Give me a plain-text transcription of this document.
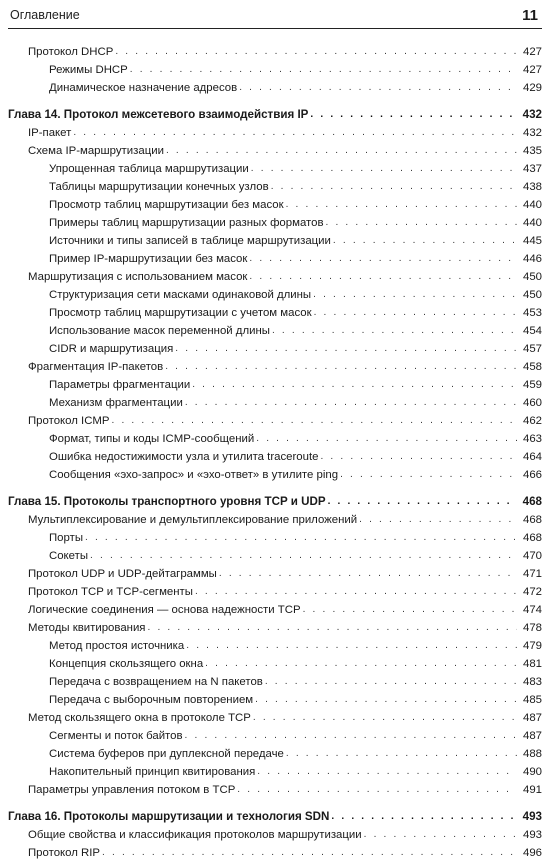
Оглавление	11
Протокол DHCP . . .	427
Режимы DHCP . . .	427
Динамическое назначение адресов . . .	429
Глава 14. Протокол межсетевого взаимодействия IP . . .	432
IP-пакет . . .	432
Схема IP-маршрутизации . . .	435
Упрощенная таблица маршрутизации . . .	437
Таблицы маршрутизации конечных узлов . . .	438
Просмотр таблиц маршрутизации без масок . . .	440
Примеры таблиц маршрутизации разных форматов . . .	440
Источники и типы записей в таблице маршрутизации . . .	445
Пример IP-маршрутизации без масок . . .	446
Маршрутизация с использованием масок . . .	450
Структуризация сети масками одинаковой длины . . .	450
Просмотр таблиц маршрутизации с учетом масок . . .	453
Использование масок переменной длины . . .	454
CIDR и маршрутизация . . .	457
Фрагментация IP-пакетов . . .	458
Параметры фрагментации . . .	459
Механизм фрагментации . . .	460
Протокол ICMP . . .	462
Формат, типы и коды ICMP-сообщений . . .	463
Ошибка недостижимости узла и утилита traceroute . . .	464
Сообщения «эхо-запрос» и «эхо-ответ» в утилите ping . . .	466
Глава 15. Протоколы транспортного уровня TCP и UDP . . .	468
Мультиплексирование и демультиплексирование приложений . . .	468
Порты . . .	468
Сокеты . . .	470
Протокол UDP и UDP-дейтаграммы . . .	471
Протокол TCP и TCP-сегменты . . .	472
Логические соединения — основа надежности TCP . . .	474
Методы квитирования . . .	478
Метод простоя источника . . .	479
Концепция скользящего окна . . .	481
Передача с возвращением на N пакетов . . .	483
Передача с выборочным повторением . . .	485
Метод скользящего окна в протоколе TCP . . .	487
Сегменты и поток байтов . . .	487
Система буферов при дуплексной передаче . . .	488
Накопительный принцип квитирования . . .	490
Параметры управления потоком в TCP . . .	491
Глава 16. Протоколы маршрутизации и технология SDN . . .	493
Общие свойства и классификация протоколов маршрутизации . . .	493
Протокол RIP . . .	496
